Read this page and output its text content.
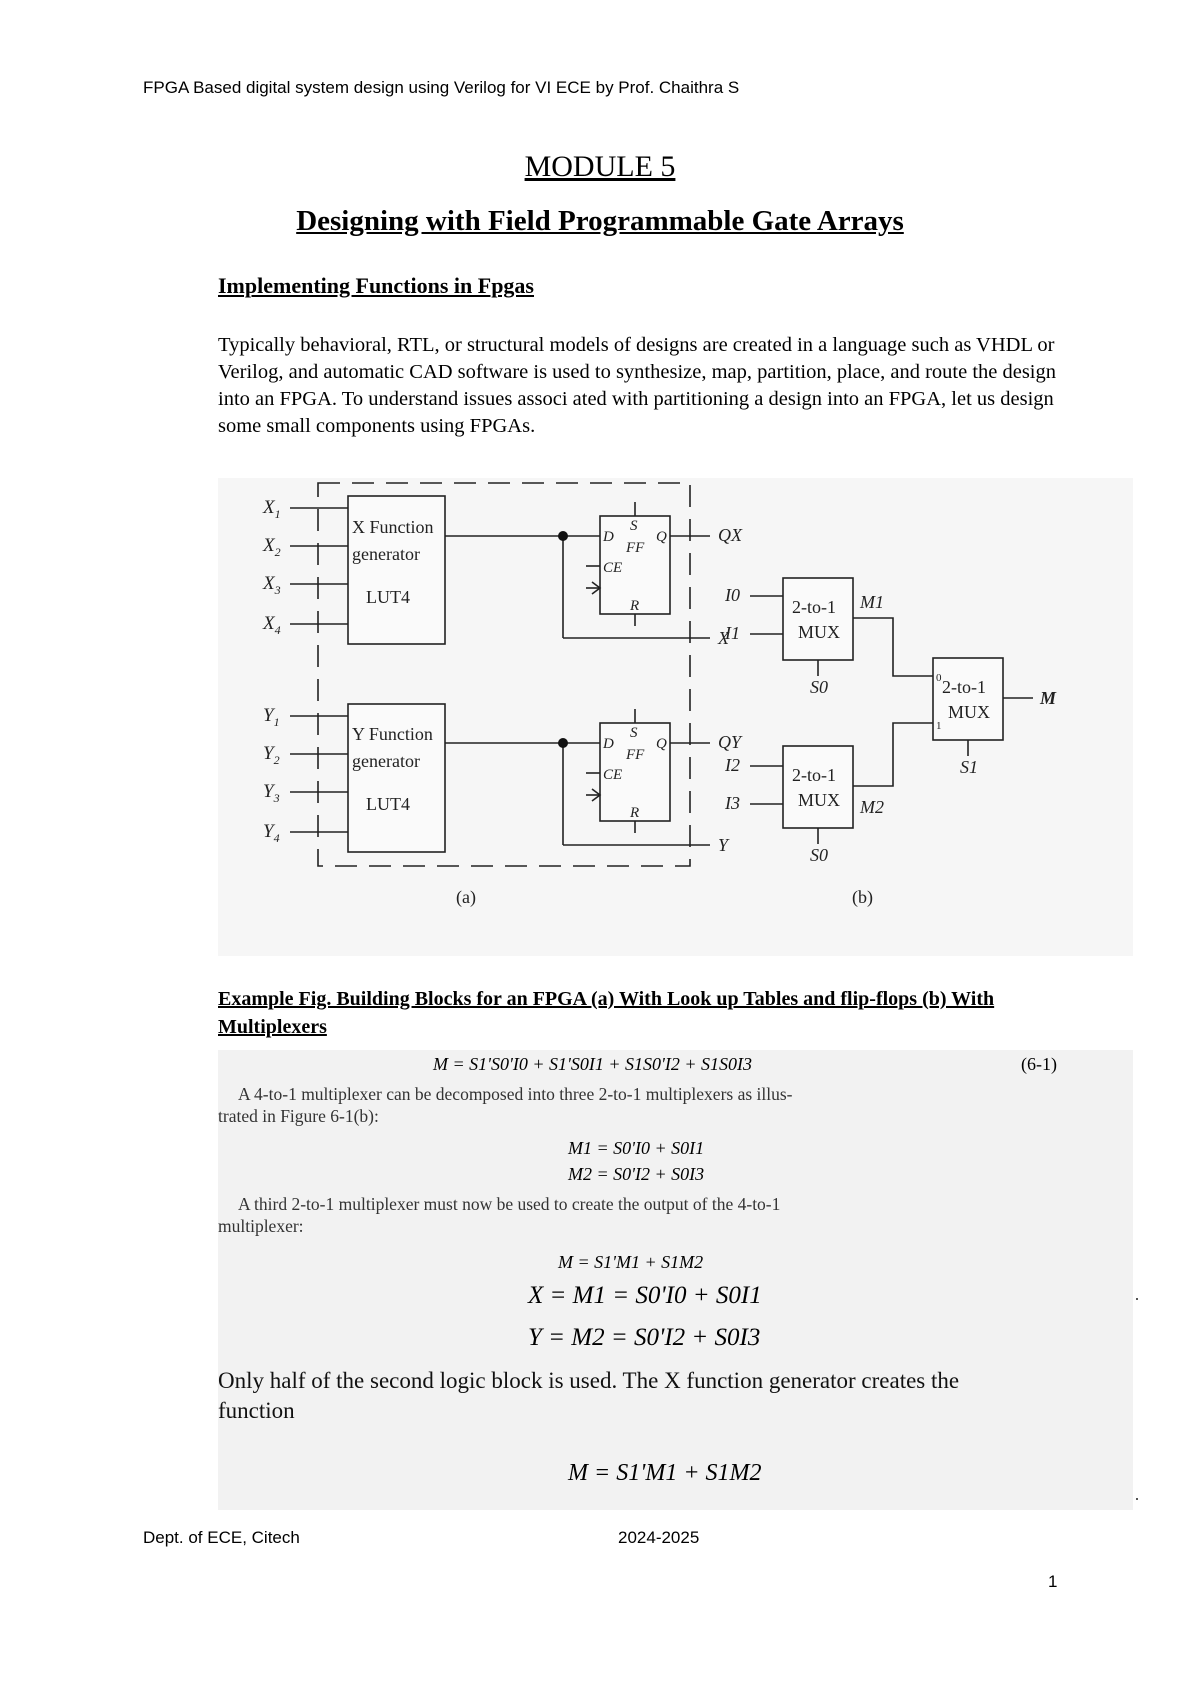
FPGA Based digital system design using Verilog for VI ECE by Prof. Chaithra S
MODULE 5
Designing with Field Programmable Gate Arrays
Implementing Functions in Fpgas
Typically behavioral, RTL, or structural models of designs are created in a language such as VHDL or Verilog, and automatic CAD software is used to synthesize, map, partition, place, and route the design into an FPGA. To understand issues associ ated with partitioning a design into an FPGA, let us design some small components using FPGAs.
$X_1$
$X_2$
$X_3$
$X_4$
$Y_1$
$Y_2$
$Y_3$
$Y_4$
X Function
generator
LUT4
Y Function
generator
LUT4
D
S
Q
FF
CE
R
D
S
Q
FF
CE
R
QX
X
QY
Y
2-to-1
MUX
2-to-1
MUX
2-to-1
MUX
0
1
I0
I1
I2
I3
S0
S0
S1
M1
M2
M
(a)	(b)
Example Fig. Building Blocks for an FPGA (a) With Look up Tables and flip-flops (b) With Multiplexers
M = S1'S0'I0 + S1'S0I1 + S1S0'I2 + S1S0I3	(6-1)
A 4-to-1 multiplexer can be decomposed into three 2-to-1 multiplexers as illus-
trated in Figure 6-1(b):
M1 = S0'I0 + S0I1
M2 = S0'I2 + S0I3
A third 2-to-1 multiplexer must now be used to create the output of the 4-to-1
multiplexer:
M = S1'M1 + S1M2
X = M1 = S0'I0 + S0I1
Y = M2 = S0'I2 + S0I3
Only half of the second logic block is used. The X function generator creates the
function
M = S1'M1 + S1M2
Dept. of ECE, Citech	2024-2025
1
